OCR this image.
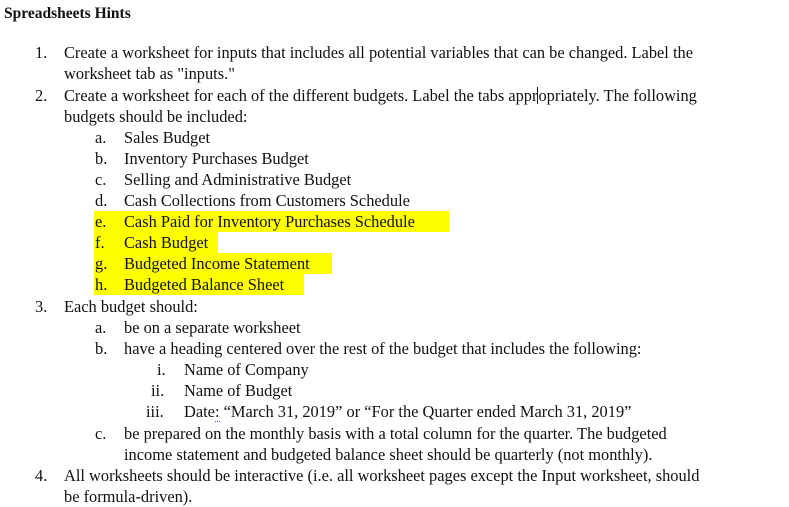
Spreadsheets Hints
1. Create a worksheet for inputs that includes all potential variables that can be changed. Label the
worksheet tab as "inputs."
2. Create a worksheet for each of the different budgets. Label the tabs appropriately. The following
budgets should be included:
a. Sales Budget
b. Inventory Purchases Budget
c. Selling and Administrative Budget
d. Cash Collections from Customers Schedule
e. Cash Paid for Inventory Purchases Schedule

f. Cash Budget

g. Budgeted Income Statement

h. Budgeted Balance Sheet

3. Each budget should:
a. be on a separate worksheet
b. have a heading centered over the rest of the budget that includes the following:
i. Name of Company
ii. Name of Budget
iii. Date: “March 31, 2019” or “For the Quarter ended March 31, 2019”
c. be prepared on the monthly basis with a total column for the quarter. The budgeted
income statement and budgeted balance sheet should be quarterly (not monthly).
4. All worksheets should be interactive (i.e. all worksheet pages except the Input worksheet, should
be formula-driven).
